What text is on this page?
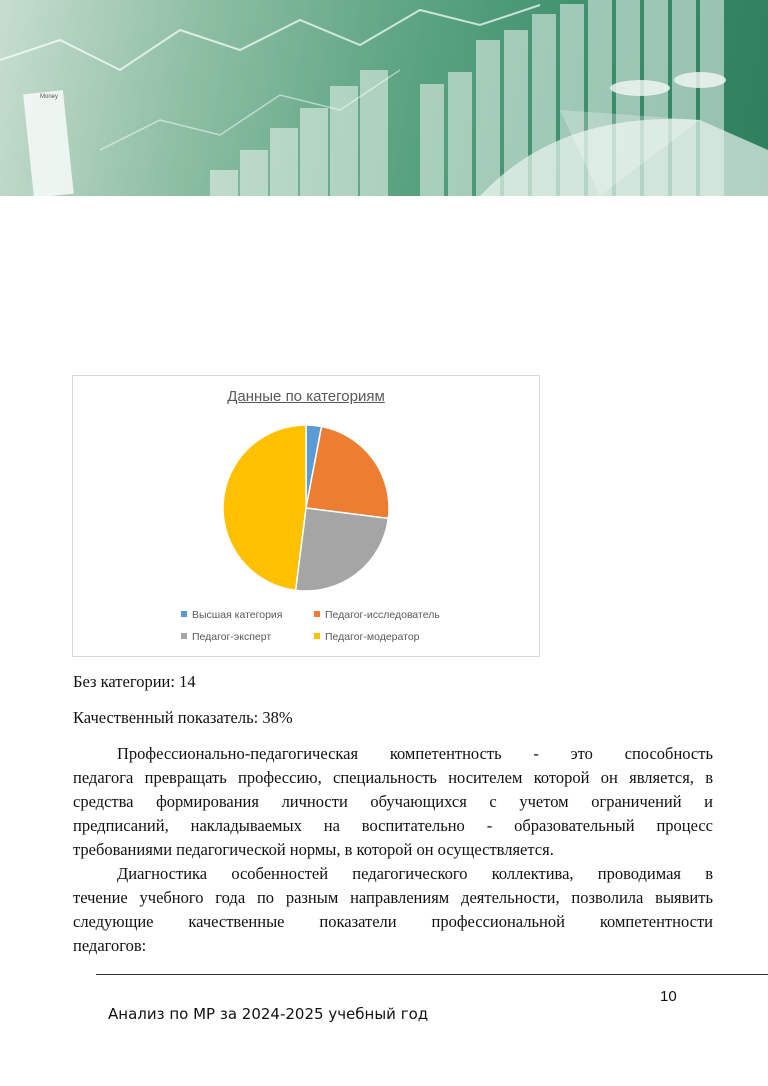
Money
Данные по категориям
Высшая категория	Педагог-исследователь
Педагог-эксперт	Педагог-модератор
Без категории: 14
Качественный показатель: 38%

Профессионально-педагогическая компетентность - это способность
педагога превращать профессию, специальность носителем которой он является, в
средства формирования личности обучающихся с учетом ограничений и
предписаний, накладываемых на воспитательно - образовательный процесс
требованиями педагогической нормы, в которой он осуществляется.

Диагностика особенностей педагогического коллектива, проводимая в
течение учебного года по разным направлениям деятельности, позволила выявить
следующие качественные показатели профессиональной компетентности
педагогов:

10
Анализ по МР за 2024-2025 учебный год
